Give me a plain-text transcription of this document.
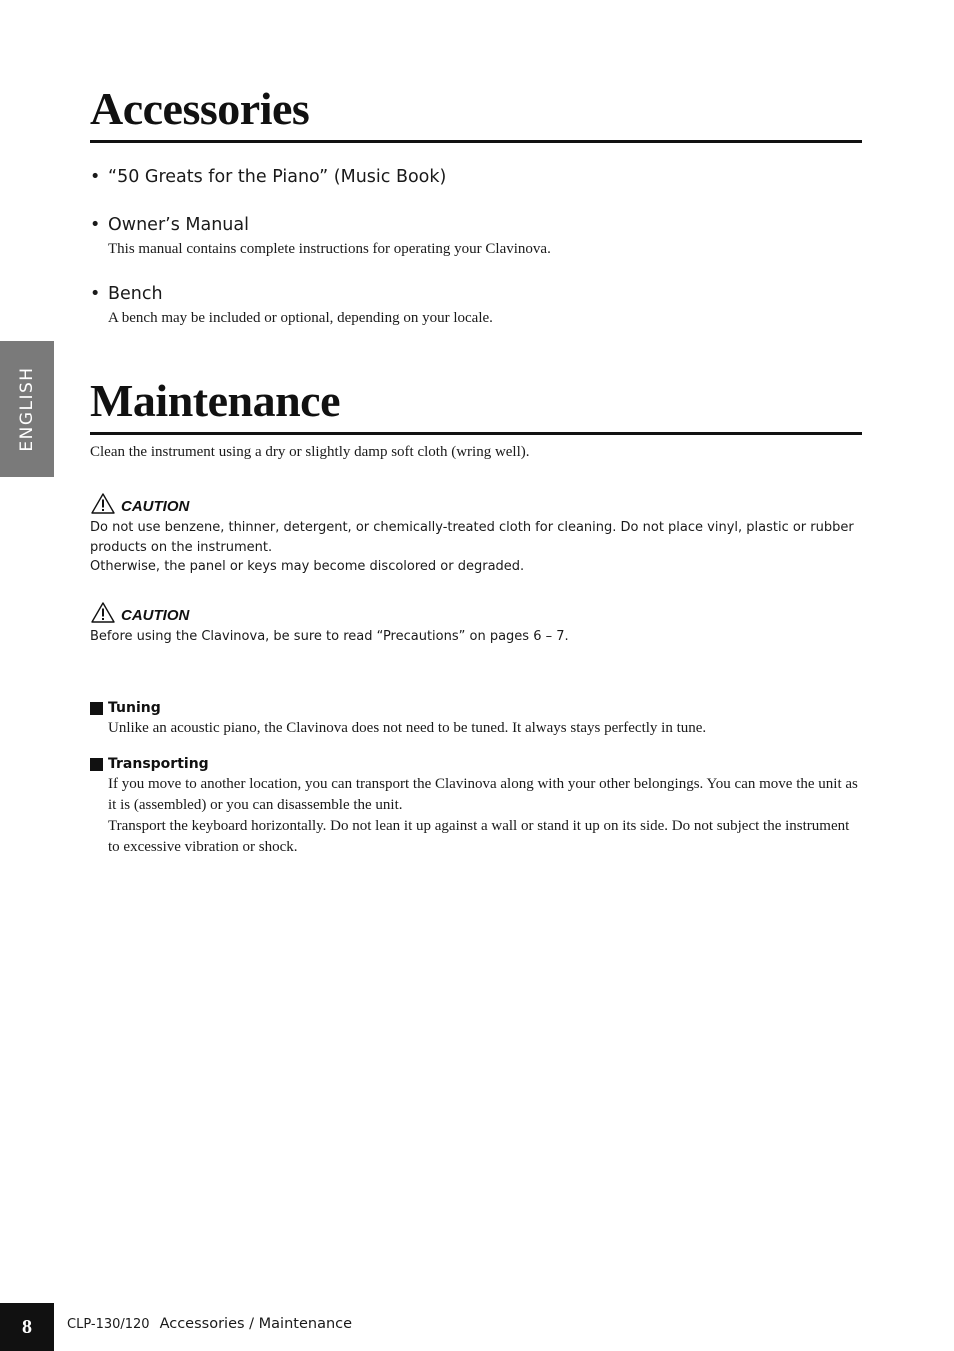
ENGLISH
Accessories
• “50 Greats for the Piano” (Music Book)
• Owner’s Manual
This manual contains complete instructions for operating your Clavinova.
• Bench
A bench may be included or optional, depending on your locale.
Maintenance
Clean the instrument using a dry or slightly damp soft cloth (wring well).
CAUTION

Do not use benzene, thinner, detergent, or chemically-treated cloth for cleaning. Do not place vinyl, plastic or rubber products on the instrument.

Otherwise, the panel or keys may become discolored or degraded.

CAUTION

Before using the Clavinova, be sure to read “Precautions” on pages 6 – 7.

Tuning

Unlike an acoustic piano, the Clavinova does not need to be tuned. It always stays perfectly in tune.

Transporting

If you move to another location, you can transport the Clavinova along with your other belongings. You can move the unit as it is (assembled) or you can disassemble the unit.

Transport the keyboard horizontally. Do not lean it up against a wall or stand it up on its side. Do not subject the instrument to excessive vibration or shock.

8	CLP-130/120 Accessories / Maintenance
